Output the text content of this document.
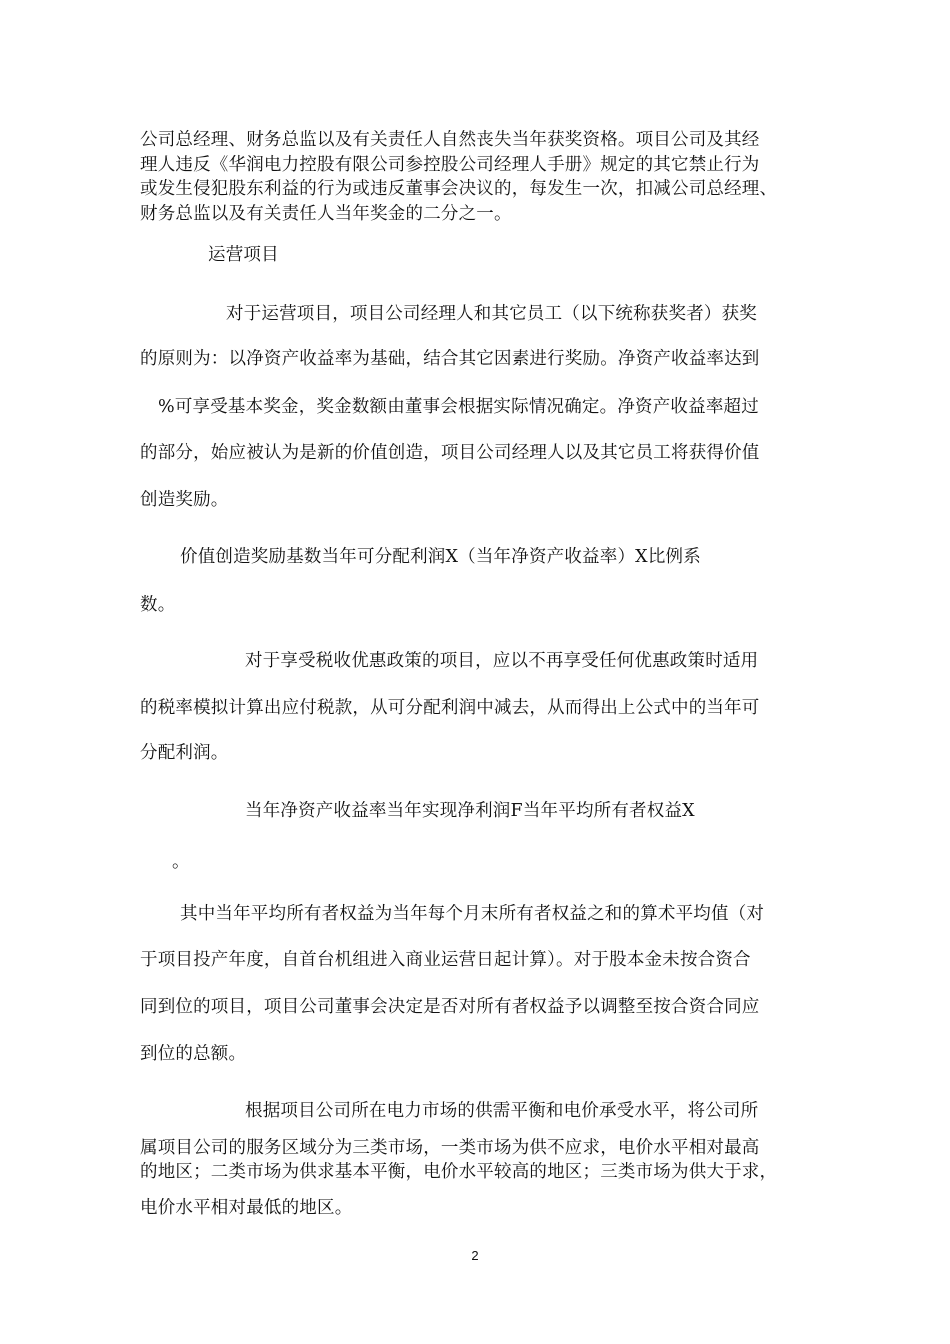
公司总经理、财务总监以及有关责任人自然丧失当年获奖资格。项目公司及其经
理人违反《华润电力控股有限公司参控股公司经理人手册》规定的其它禁止行为
或发生侵犯股东利益的行为或违反董事会决议的，每发生一次，扣减公司总经理、
财务总监以及有关责任人当年奖金的二分之一。
运营项目
对于运营项目，项目公司经理人和其它员工（以下统称获奖者）获奖
的原则为：以净资产收益率为基础，结合其它因素进行奖励。净资产收益率达到
%可享受基本奖金，奖金数额由董事会根据实际情况确定。净资产收益率超过
的部分，始应被认为是新的价值创造，项目公司经理人以及其它员工将获得价值
创造奖励。
价值创造奖励基数当年可分配利润X（当年净资产收益率）X比例系
数。
对于享受税收优惠政策的项目，应以不再享受任何优惠政策时适用
的税率模拟计算出应付税款，从可分配利润中减去，从而得出上公式中的当年可
分配利润。
当年净资产收益率当年实现净利润F当年平均所有者权益X
。
其中当年平均所有者权益为当年每个月末所有者权益之和的算术平均值（对
于项目投产年度，自首台机组进入商业运营日起计算）。对于股本金未按合资合
同到位的项目，项目公司董事会决定是否对所有者权益予以调整至按合资合同应
到位的总额。
根据项目公司所在电力市场的供需平衡和电价承受水平，将公司所
属项目公司的服务区域分为三类市场，一类市场为供不应求，电价水平相对最高
的地区；二类市场为供求基本平衡，电价水平较高的地区；三类市场为供大于求，
电价水平相对最低的地区。
2
